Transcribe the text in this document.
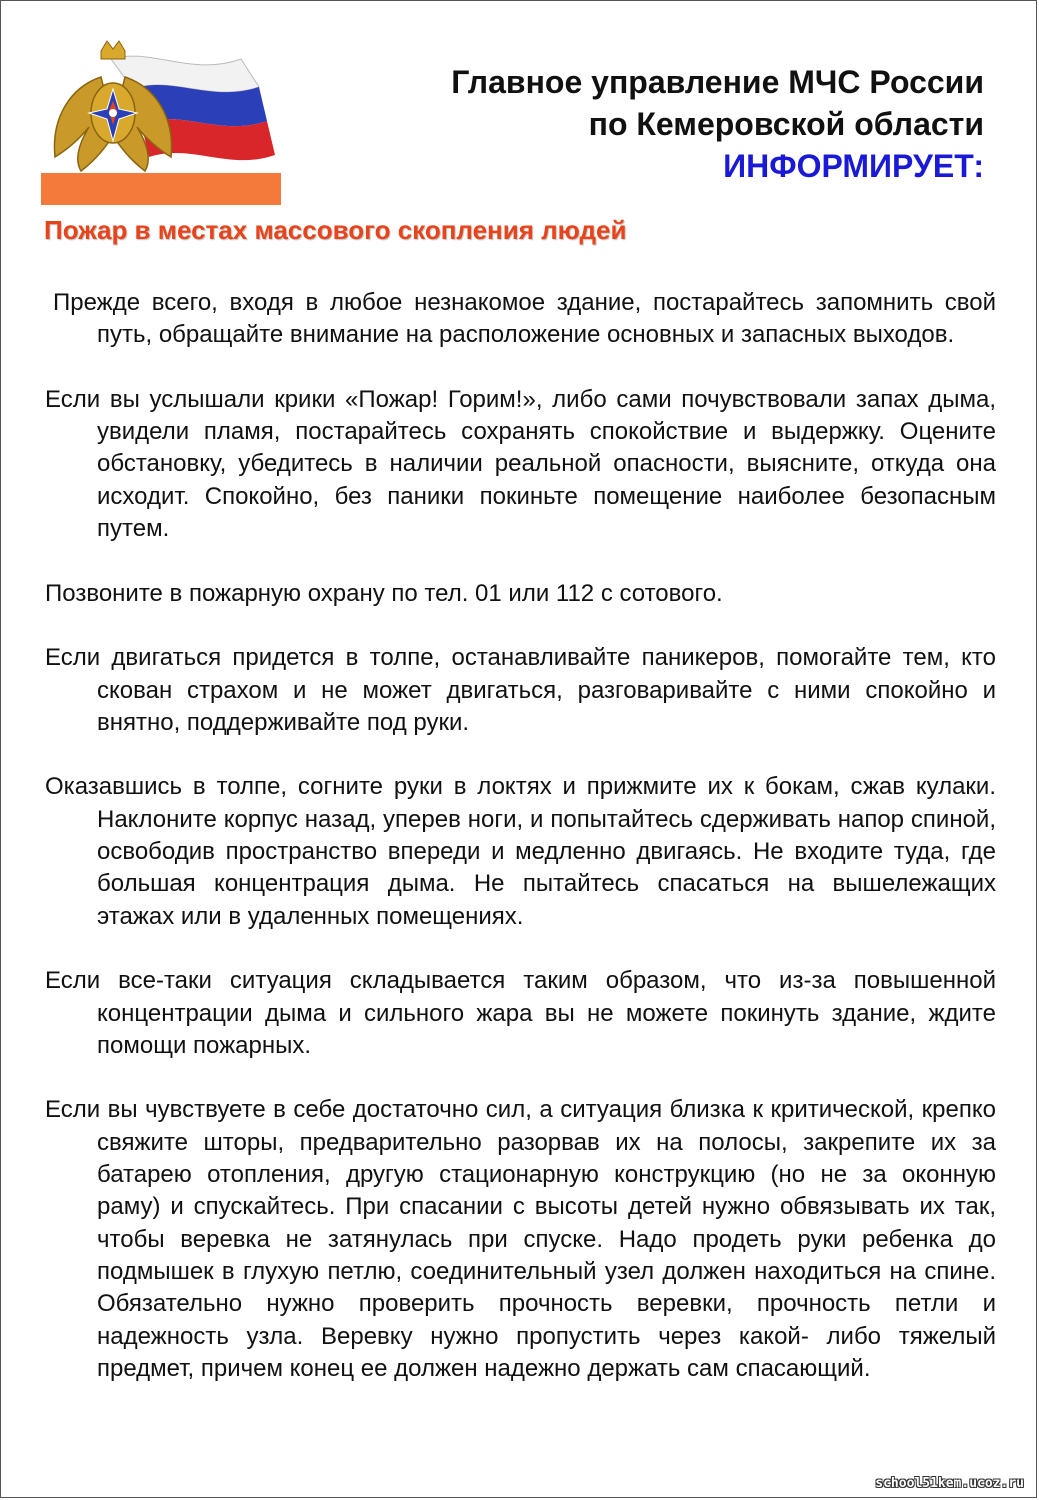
Главное управление МЧС России
по Кемеровской области
ИНФОРМИРУЕТ:
Пожар в местах массового скопления людей

Прежде всего, входя в любое незнакомое здание, постарайтесь запомнить свой путь, обращайте внимание на расположение основных и запасных выходов.

Если вы услышали крики «Пожар! Горим!», либо сами почувствовали запах дыма, увидели пламя, постарайтесь сохранять спокойствие и выдержку. Оцените обстановку, убедитесь в наличии реальной опасности, выясните, откуда она исходит. Спокойно, без паники покиньте помещение наиболее безопасным путем.

Позвоните в пожарную охрану по тел. 01 или 112 с сотового.

Если двигаться придется в толпе, останавливайте паникеров, помогайте тем, кто скован страхом и не может двигаться, разговаривайте с ними спокойно и внятно, поддерживайте под руки.

Оказавшись в толпе, согните руки в локтях и прижмите их к бокам, сжав кулаки. Наклоните корпус назад, уперев ноги, и попытайтесь сдерживать напор спиной, освободив пространство впереди и медленно двигаясь. Не входите туда, где большая концентрация дыма. Не пытайтесь спасаться на вышележащих этажах или в удаленных помещениях.

Если все-таки ситуация складывается таким образом, что из-за повышенной концентрации дыма и сильного жара вы не можете покинуть здание, ждите помощи пожарных.

Если вы чувствуете в себе достаточно сил, а ситуация близка к критической, крепко свяжите шторы, предварительно разорвав их на полосы, закрепите их за батарею отопления, другую стационарную конструкцию (но не за оконную раму) и спускайтесь. При спасании с высоты детей нужно обвязывать их так, чтобы веревка не затянулась при спуске. Надо продеть руки ребенка до подмышек в глухую петлю, соединительный узел должен находиться на спине. Обязательно нужно проверить прочность веревки, прочность петли и надежность узла. Веревку нужно пропустить через какой- либо тяжелый предмет, причем конец ее должен надежно держать сам спасающий.

school51kem.ucoz.ru
